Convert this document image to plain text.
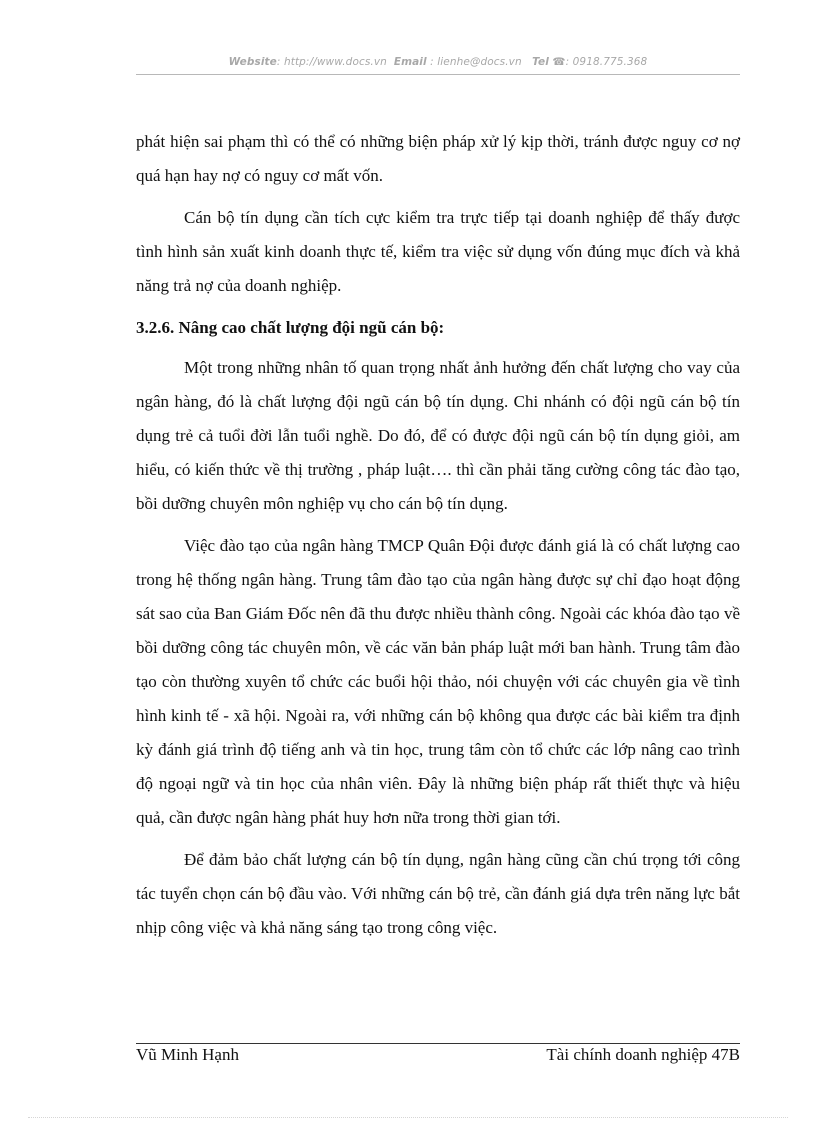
Website: http://www.docs.vn Email : lienhe@docs.vn Tel ☎: 0918.775.368

phát hiện sai phạm thì có thể có những biện pháp xử lý kịp thời, tránh được nguy cơ nợ quá hạn hay nợ có nguy cơ mất vốn.

Cán bộ tín dụng cần tích cực kiểm tra trực tiếp tại doanh nghiệp để thấy được tình hình sản xuất kinh doanh thực tế, kiểm tra việc sử dụng vốn đúng mục đích và khả năng trả nợ của doanh nghiệp.

3.2.6. Nâng cao chất lượng đội ngũ cán bộ:

Một trong những nhân tố quan trọng nhất ảnh hưởng đến chất lượng cho vay của ngân hàng, đó là chất lượng đội ngũ cán bộ tín dụng. Chi nhánh có đội ngũ cán bộ tín dụng trẻ cả tuổi đời lẫn tuổi nghề. Do đó, để có được đội ngũ cán bộ tín dụng giỏi, am hiểu, có kiến thức về thị trường , pháp luật…. thì cần phải tăng cường công tác đào tạo, bồi dưỡng chuyên môn nghiệp vụ cho cán bộ tín dụng.

Việc đào tạo của ngân hàng TMCP Quân Đội được đánh giá là có chất lượng cao trong hệ thống ngân hàng. Trung tâm đào tạo của ngân hàng được sự chỉ đạo hoạt động sát sao của Ban Giám Đốc nên đã thu được nhiều thành công. Ngoài các khóa đào tạo về bồi dưỡng công tác chuyên môn, về các văn bản pháp luật mới ban hành. Trung tâm đào tạo còn thường xuyên tổ chức các buổi hội thảo, nói chuyện với các chuyên gia về tình hình kinh tế - xã hội. Ngoài ra, với những cán bộ không qua được các bài kiểm tra định kỳ đánh giá trình độ tiếng anh và tin học, trung tâm còn tổ chức các lớp nâng cao trình độ ngoại ngữ và tin học của nhân viên. Đây là những biện pháp rất thiết thực và hiệu quả, cần được ngân hàng phát huy hơn nữa trong thời gian tới.

Để đảm bảo chất lượng cán bộ tín dụng, ngân hàng cũng cần chú trọng tới công tác tuyển chọn cán bộ đầu vào. Với những cán bộ trẻ, cần đánh giá dựa trên năng lực bắt nhịp công việc và khả năng sáng tạo trong công việc.

Vũ Minh Hạnh	Tài chính doanh nghiệp 47B
